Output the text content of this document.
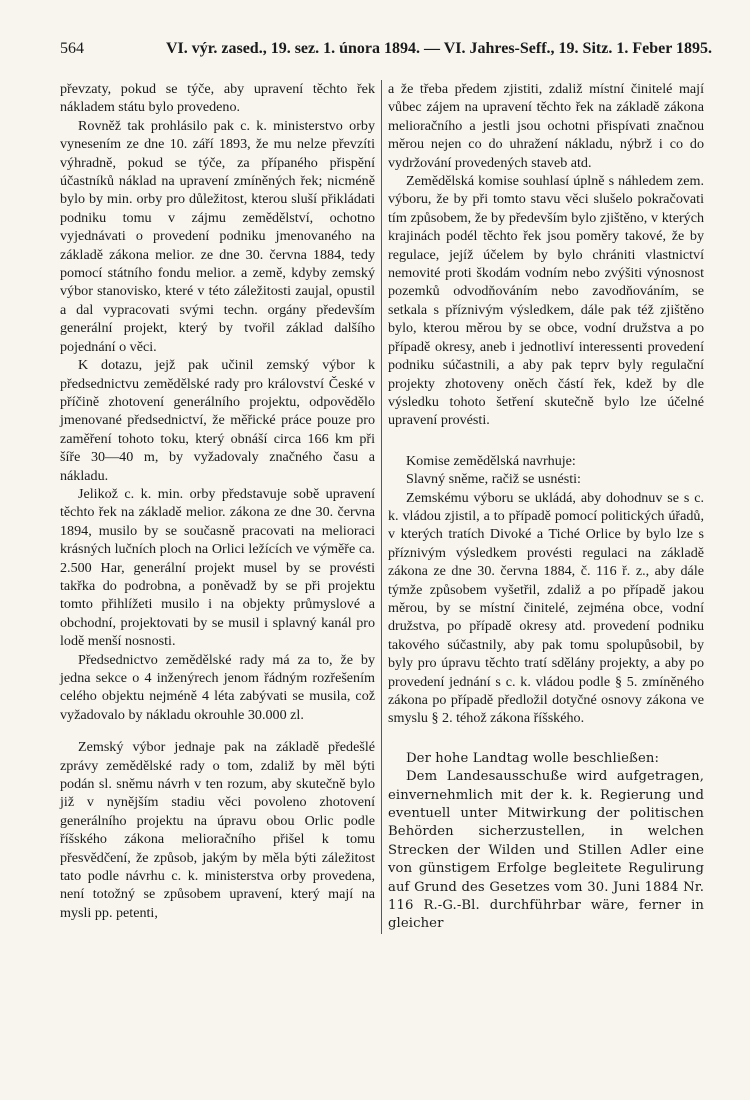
564	VI. výr. zased., 19. sez. 1. února 1894. — VI. Jahres-Seff., 19. Sitz. 1. Feber 1895.

převzaty, pokud se týče, aby upravení těchto řek nákladem státu bylo provedeno.

Rovněž tak prohlásilo pak c. k. ministerstvo orby vynesením ze dne 10. září 1893, že mu nelze převzíti výhradně, pokud se týče, za přípaného přispění účastníků náklad na upravení zmíněných řek; nicméně bylo by min. orby pro důležitost, kterou sluší přikládati podniku tomu v zájmu zemědělství, ochotno vyjednávati o provedení podniku jmenovaného na základě zákona melior. ze dne 30. června 1884, tedy pomocí státního fondu melior. a země, kdyby zemský výbor stanovisko, které v této záležitosti zaujal, opustil a dal vypracovati svými techn. orgány především generální projekt, který by tvořil základ dalšího pojednání o věci.

K dotazu, jejž pak učinil zemský výbor k předsednictvu zemědělské rady pro království České v příčině zhotovení generálního projektu, odpovědělo jmenované předsednictví, že měřické práce pouze pro zaměření tohoto toku, který obnáší circa 166 km při šíře 30—40 m, by vyžadovaly značného času a nákladu.

Jelikož c. k. min. orby představuje sobě upravení těchto řek na základě melior. zákona ze dne 30. června 1894, musilo by se současně pracovati na melioraci krásných lučních ploch na Orlici ležících ve výměře ca. 2.500 Har, generální projekt musel by se provésti takřka do podrobna, a poněvadž by se při projektu tomto přihlížeti musilo i na objekty průmyslové a obchodní, projektovati by se musil i splavný kanál pro lodě menší nosnosti.

Předsednictvo zemědělské rady má za to, že by jedna sekce o 4 inženýrech jenom řádným rozřešením celého objektu nejméně 4 léta zabývati se musila, což vyžadovalo by nákladu okrouhle 30.000 zl.

Zemský výbor jednaje pak na základě předešlé zprávy zemědělské rady o tom, zdaliž by měl býti podán sl. sněmu návrh v ten rozum, aby skutečně bylo již v nynějším stadiu věci povoleno zhotovení generálního projektu na úpravu obou Orlic podle říšského zákona melioračního přišel k tomu přesvědčení, že způsob, jakým by měla býti záležitost tato podle návrhu c. k. ministerstva orby provedena, není totožný se způsobem upravení, který mají na mysli pp. petenti,

a že třeba předem zjistiti, zdaliž místní činitelé mají vůbec zájem na upravení těchto řek na základě zákona melioračního a jestli jsou ochotni přispívati značnou měrou nejen co do uhražení nákladu, nýbrž i co do vydržování provedených staveb atd.

Zemědělská komise souhlasí úplně s náhledem zem. výboru, že by při tomto stavu věci slušelo pokračovati tím způsobem, že by především bylo zjištěno, v kterých krajinách podél těchto řek jsou poměry takové, že by regulace, jejíž účelem by bylo chrániti vlastnictví nemovité proti škodám vodním nebo zvýšiti výnosnost pozemků odvodňováním nebo zavodňováním, se setkala s příznivým výsledkem, dále pak též zjištěno bylo, kterou měrou by se obce, vodní družstva a po případě okresy, aneb i jednotliví interessenti provedení podniku súčastnili, a aby pak teprv byly regulační projekty zhotoveny oněch částí řek, kdež by dle výsledku tohoto šetření skutečně bylo lze účelné upravení provésti.

Komise zemědělská navrhuje:

Slavný sněme, račiž se usnésti:

Zemskému výboru se ukládá, aby dohodnuv se s c. k. vládou zjistil, a to případě pomocí politických úřadů, v kterých tratích Divoké a Tiché Orlice by bylo lze s příznivým výsledkem provésti regulaci na základě zákona ze dne 30. června 1884, č. 116 ř. z., aby dále týmže způsobem vyšetřil, zdaliž a po případě jakou měrou, by se místní činitelé, zejména obce, vodní družstva, po případě okresy atd. provedení podniku takového súčastnily, aby pak tomu spolupůsobil, by byly pro úpravu těchto tratí sdělány projekty, a aby po provedení jednání s c. k. vládou podle § 5. zmíněného zákona po případě předložil dotyčné osnovy zákona ve smyslu § 2. téhož zákona říšského.

Der hohe Landtag wolle beschließen:

Dem Landesausschuße wird aufgetragen, einvernehmlich mit der k. k. Regierung und eventuell unter Mitwirkung der politischen Behörden sicherzustellen, in welchen Strecken der Wilden und Stillen Adler eine von günstigem Erfolge begleitete Regulirung auf Grund des Gesetzes vom 30. Juni 1884 Nr. 116 R.-G.-Bl. durchführbar wäre, ferner in gleicher
